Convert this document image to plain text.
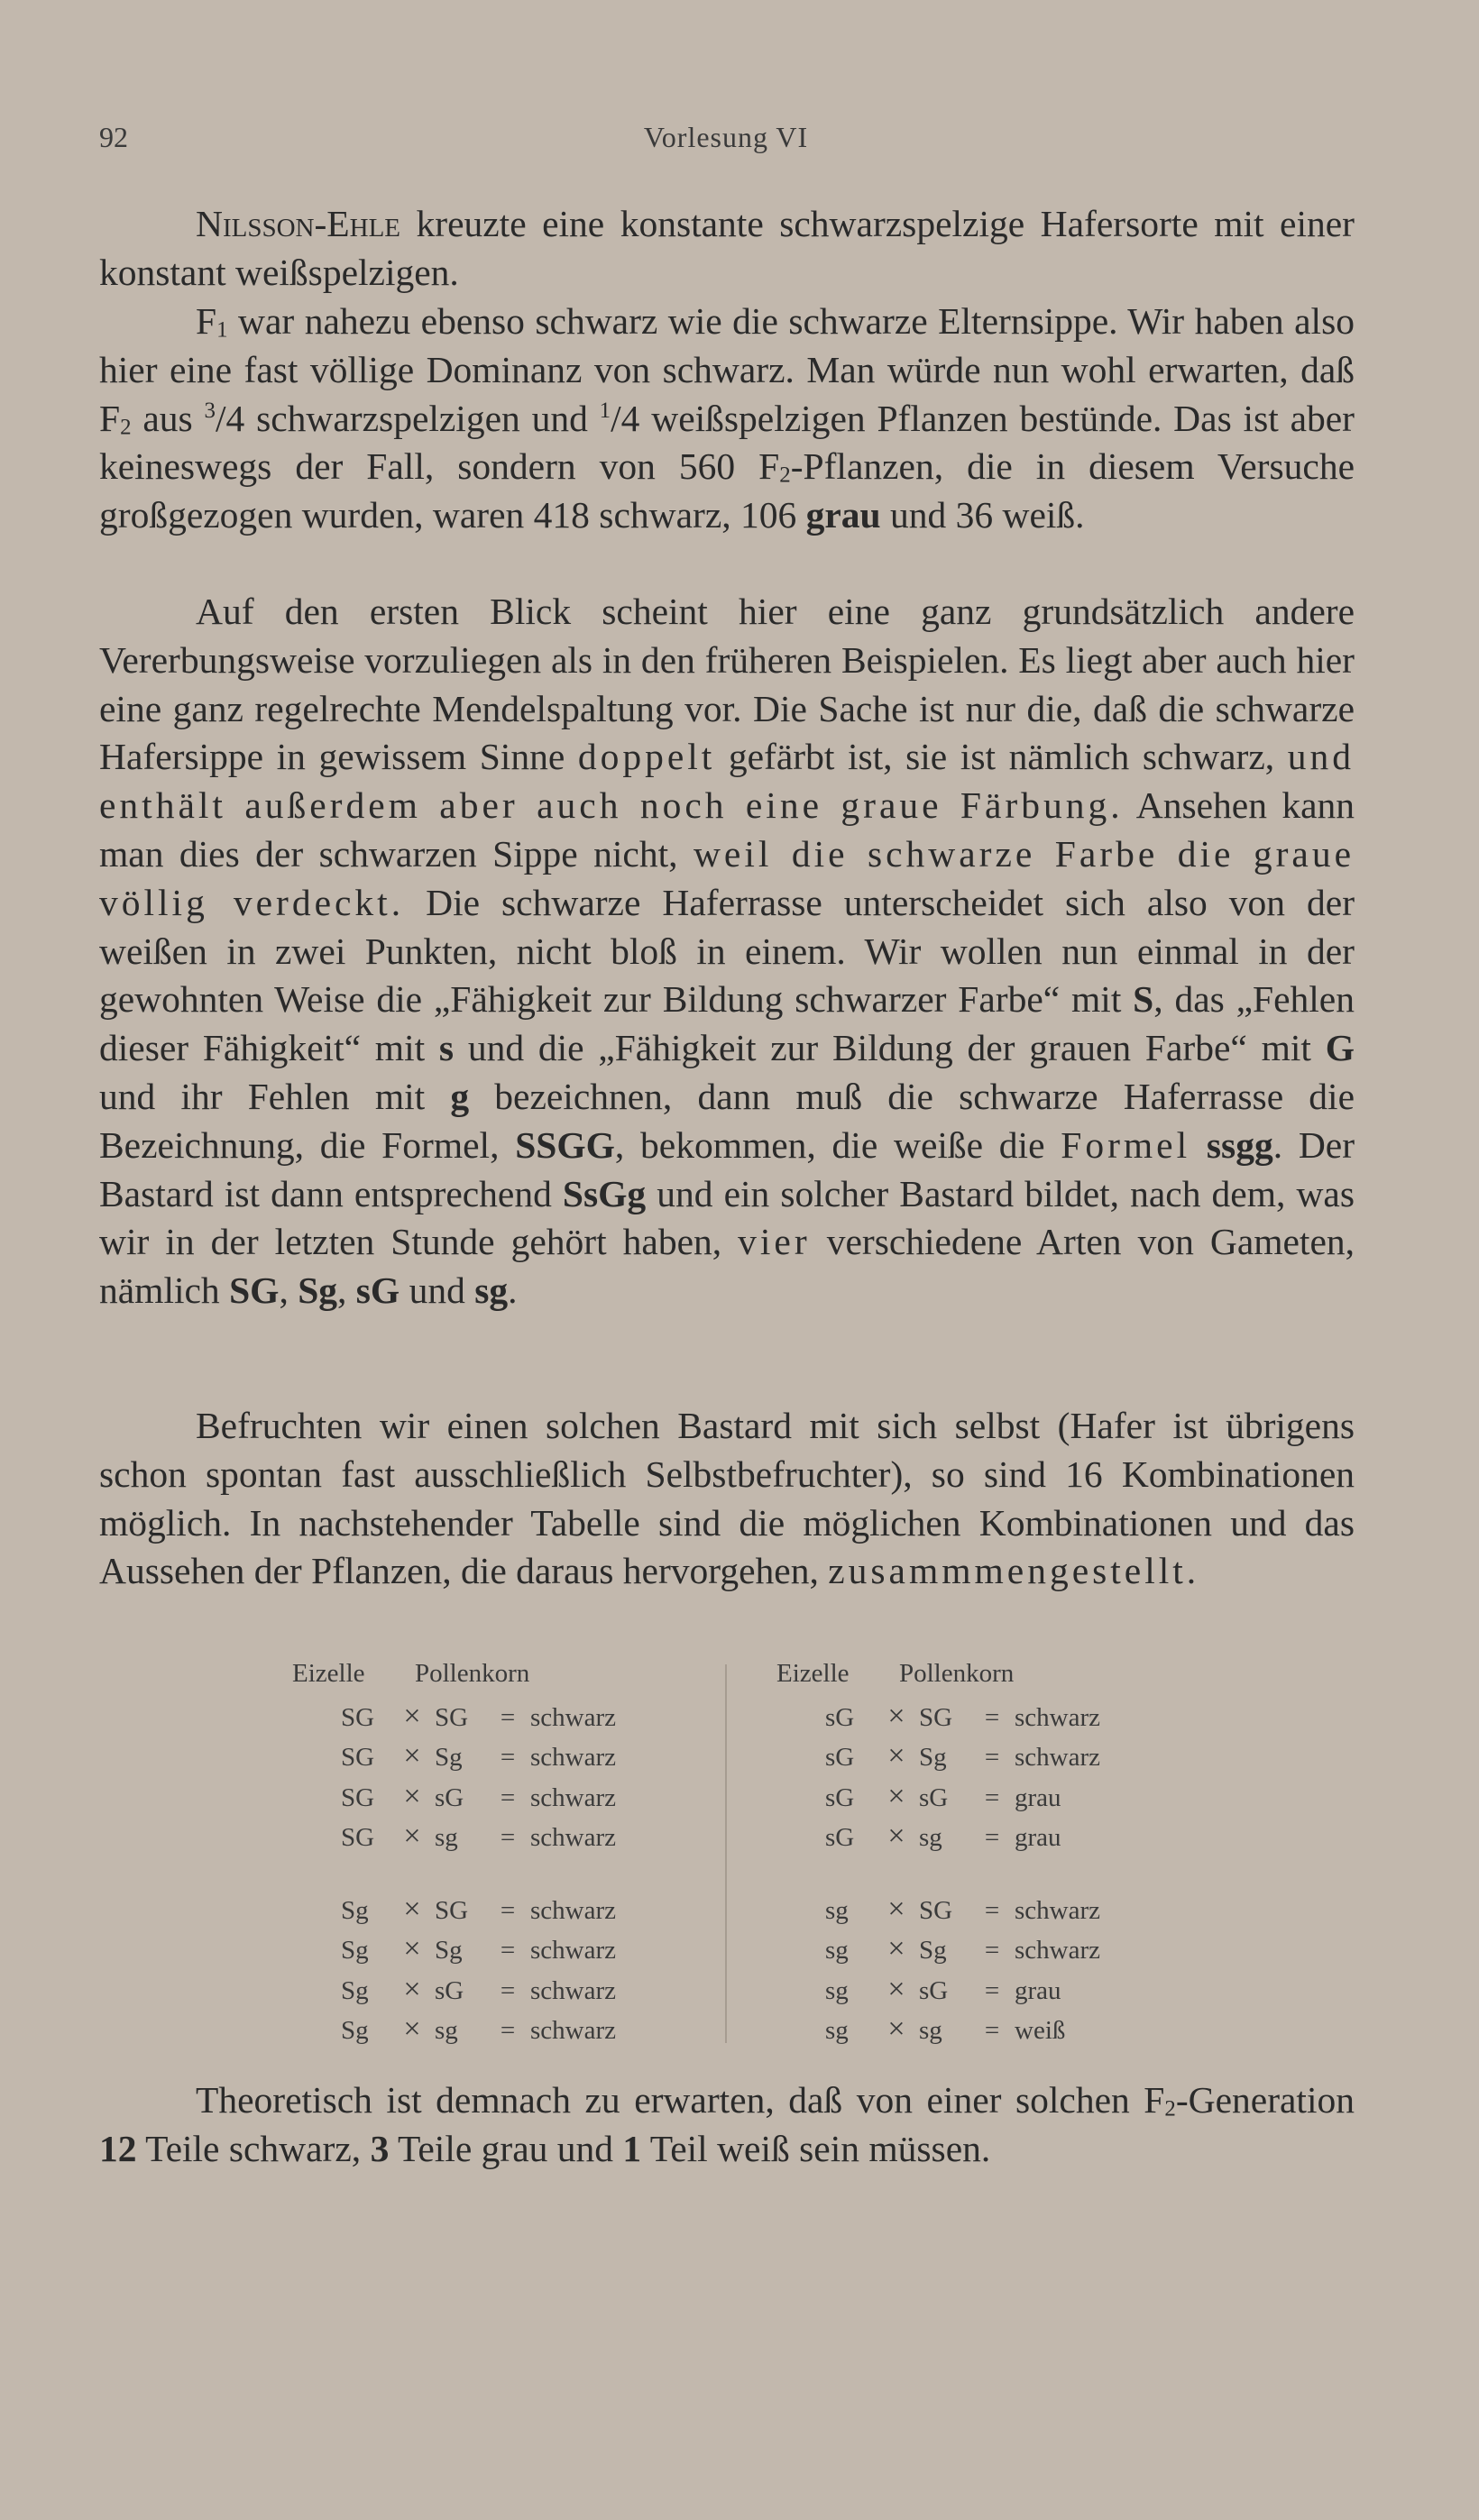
92	Vorlesung VI

Nilsson-Ehle kreuzte eine konstante schwarzspelzige Hafersorte mit einer konstant weißspelzigen.

$F_1$ war nahezu ebenso schwarz wie die schwarze Elternsippe. Wir haben also hier eine fast völlige Dominanz von schwarz. Man würde nun wohl erwarten, daß $F_2$ aus $^3$/4 schwarzspelzigen und $^1$/4 weißspelzigen Pflanzen bestünde. Das ist aber keineswegs der Fall, sondern von 560 $F_2$-Pflanzen, die in diesem Versuche großgezogen wurden, waren 418 schwarz, 106 grau und 36 weiß.

Auf den ersten Blick scheint hier eine ganz grundsätzlich andere Vererbungsweise vorzuliegen als in den früheren Beispielen. Es liegt aber auch hier eine ganz regelrechte Mendelspaltung vor. Die Sache ist nur die, daß die schwarze Hafersippe in gewissem Sinne doppelt gefärbt ist, sie ist nämlich schwarz, und enthält außerdem aber auch noch eine graue Färbung. Ansehen kann man dies der schwarzen Sippe nicht, weil die schwarze Farbe die graue völlig verdeckt. Die schwarze Haferrasse unterscheidet sich also von der weißen in zwei Punkten, nicht bloß in einem. Wir wollen nun einmal in der gewohnten Weise die „Fähigkeit zur Bildung schwarzer Farbe“ mit S, das „Fehlen dieser Fähigkeit“ mit s und die „Fähigkeit zur Bildung der grauen Farbe“ mit G und ihr Fehlen mit g bezeichnen, dann muß die schwarze Haferrasse die Bezeichnung, die Formel, SSGG, bekommen, die weiße die Formel ssgg. Der Bastard ist dann entsprechend SsGg und ein solcher Bastard bildet, nach dem, was wir in der letzten Stunde gehört haben, vier verschiedene Arten von Gameten, nämlich SG, Sg, sG und sg.

Befruchten wir einen solchen Bastard mit sich selbst (Hafer ist übrigens schon spontan fast ausschließlich Selbstbefruchter), so sind 16 Kombinationen möglich. In nachstehender Tabelle sind die möglichen Kombinationen und das Aussehen der Pflanzen, die daraus hervorgehen, zusammmengestellt.

Eizelle Pollenkorn
SG × SG = schwarz
SG × Sg = schwarz
SG × sG = schwarz
SG × sg = schwarz
Sg × SG = schwarz
Sg × Sg = schwarz
Sg × sG = schwarz
Sg × sg = schwarz
Eizelle Pollenkorn
sG × SG = schwarz
sG × Sg = schwarz
sG × sG = grau
sG × sg = grau
sg × SG = schwarz
sg × Sg = schwarz
sg × sG = grau
sg × sg = weiß

Theoretisch ist demnach zu erwarten, daß von einer solchen $F_2$-Generation 12 Teile schwarz, 3 Teile grau und 1 Teil weiß sein müssen.
